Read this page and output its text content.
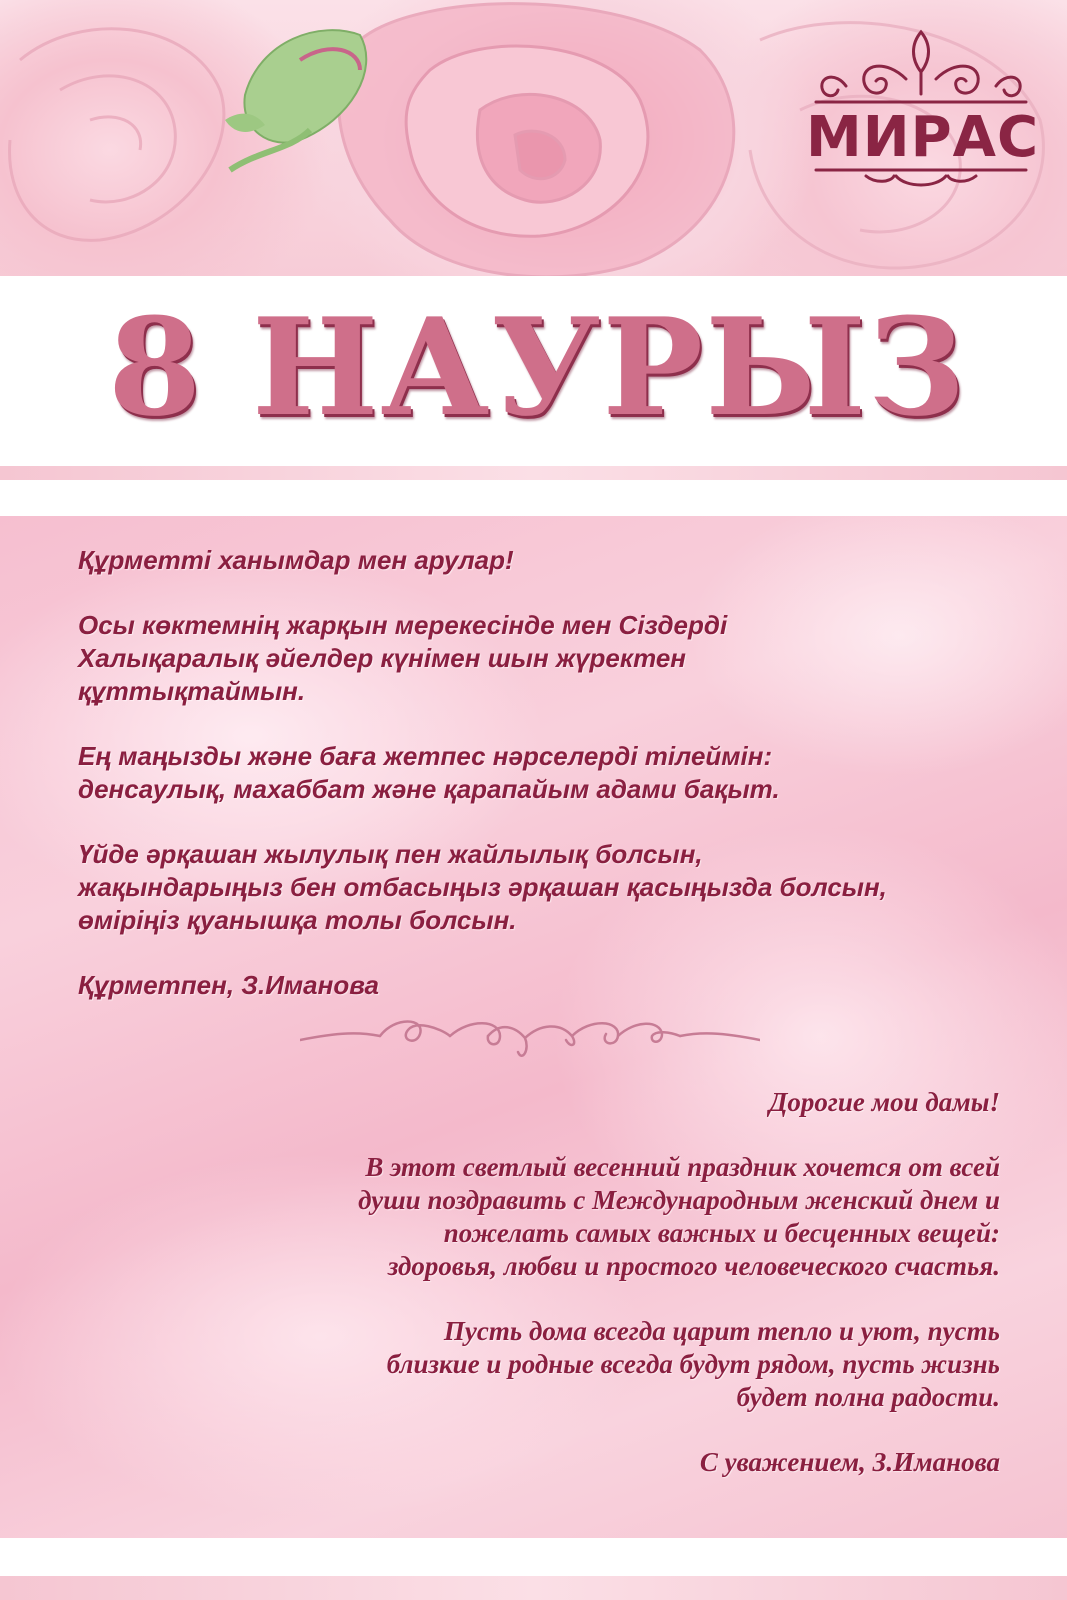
МИРАС
8 НАУРЫЗ

Құрметті ханымдар мен арулар!

Осы көктемнің жарқын мерекесінде мен Сіздерді
Халықаралық әйелдер күнімен шын жүректен
құттықтаймын.

Ең маңызды және баға жетпес нәрселерді тілеймін:
денсаулық, махаббат және қарапайым адами бақыт.

Үйде әрқашан жылулық пен жайлылық болсын,
жақындарыңыз бен отбасыңыз әрқашан қасыңызда болсын,
өміріңіз қуанышқа толы болсын.

Құрметпен, З.Иманова

Дорогие мои дамы!

В этот светлый весенний праздник хочется от всей
души поздравить с Международным женский днем и
пожелать самых важных и бесценных вещей:
здоровья, любви и простого человеческого счастья.

Пусть дома всегда царит тепло и уют, пусть
близкие и родные всегда будут рядом, пусть жизнь
будет полна радости.

С уважением, З.Иманова
